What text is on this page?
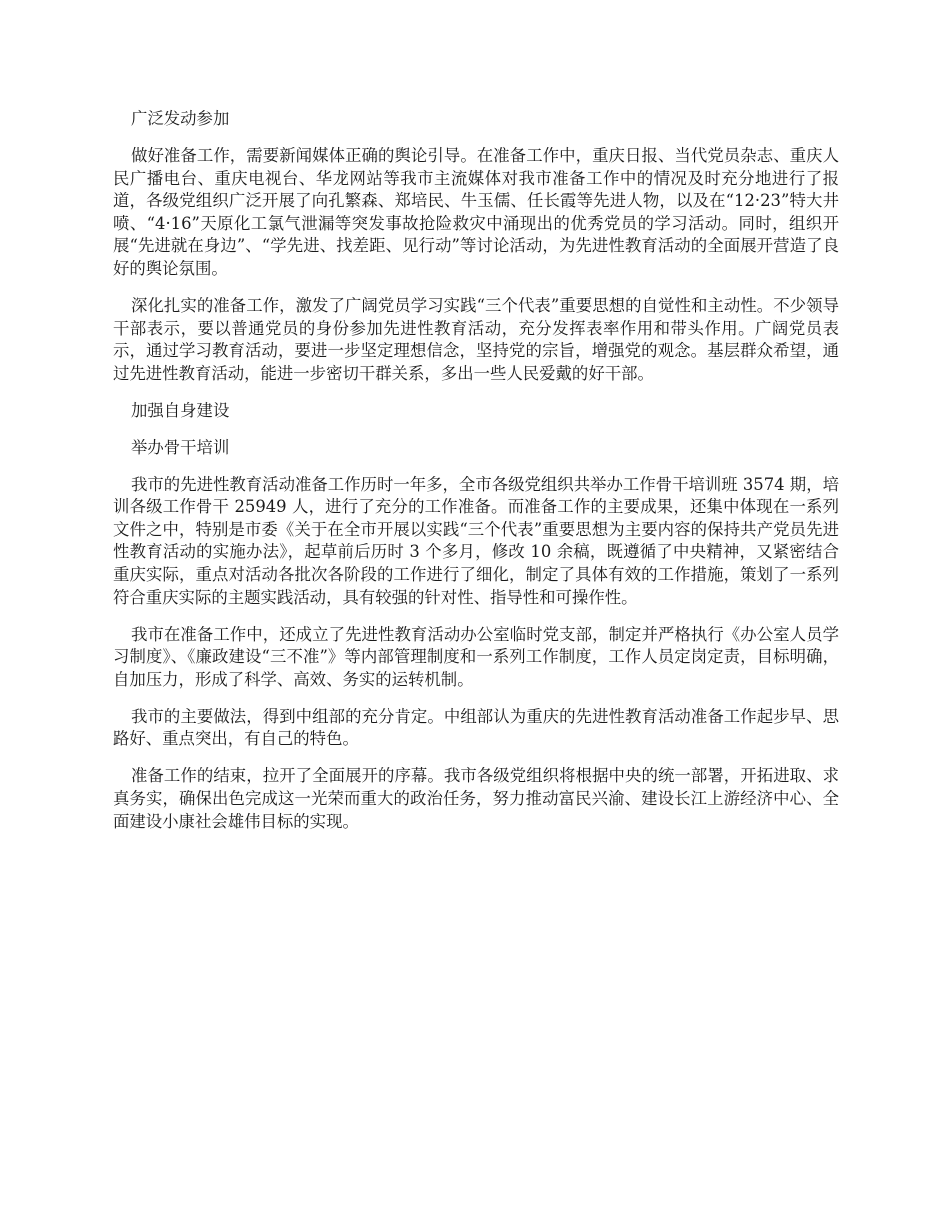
广泛发动参加

做好准备工作，需要新闻媒体正确的舆论引导。在准备工作中，重庆日报、当代党员杂志、重庆人民广播电台、重庆电视台、华龙网站等我市主流媒体对我市准备工作中的情况及时充分地进行了报道，各级党组织广泛开展了向孔繁森、郑培民、牛玉儒、任长霞等先进人物，以及在“12·23”特大井喷、“4·16”天原化工氯气泄漏等突发事故抢险救灾中涌现出的优秀党员的学习活动。同时，组织开展“先进就在身边”、“学先进、找差距、见行动”等讨论活动，为先进性教育活动的全面展开营造了良好的舆论氛围。

深化扎实的准备工作，激发了广阔党员学习实践“三个代表”重要思想的自觉性和主动性。不少领导干部表示，要以普通党员的身份参加先进性教育活动，充分发挥表率作用和带头作用。广阔党员表示，通过学习教育活动，要进一步坚定理想信念，坚持党的宗旨，增强党的观念。基层群众希望，通过先进性教育活动，能进一步密切干群关系，多出一些人民爱戴的好干部。

加强自身建设

举办骨干培训

我市的先进性教育活动准备工作历时一年多，全市各级党组织共举办工作骨干培训班 3574 期，培训各级工作骨干 25949 人，进行了充分的工作准备。而准备工作的主要成果，还集中体现在一系列文件之中，特别是市委《关于在全市开展以实践“三个代表”重要思想为主要内容的保持共产党员先进性教育活动的实施办法》，起草前后历时 3 个多月，修改 10 余稿，既遵循了中央精神，又紧密结合重庆实际，重点对活动各批次各阶段的工作进行了细化，制定了具体有效的工作措施，策划了一系列符合重庆实际的主题实践活动，具有较强的针对性、指导性和可操作性。

我市在准备工作中，还成立了先进性教育活动办公室临时党支部，制定并严格执行《办公室人员学习制度》、《廉政建设“三不准”》等内部管理制度和一系列工作制度，工作人员定岗定责，目标明确，自加压力，形成了科学、高效、务实的运转机制。

我市的主要做法，得到中组部的充分肯定。中组部认为重庆的先进性教育活动准备工作起步早、思路好、重点突出，有自己的特色。

准备工作的结束，拉开了全面展开的序幕。我市各级党组织将根据中央的统一部署，开拓进取、求真务实，确保出色完成这一光荣而重大的政治任务，努力推动富民兴渝、建设长江上游经济中心、全面建设小康社会雄伟目标的实现。
